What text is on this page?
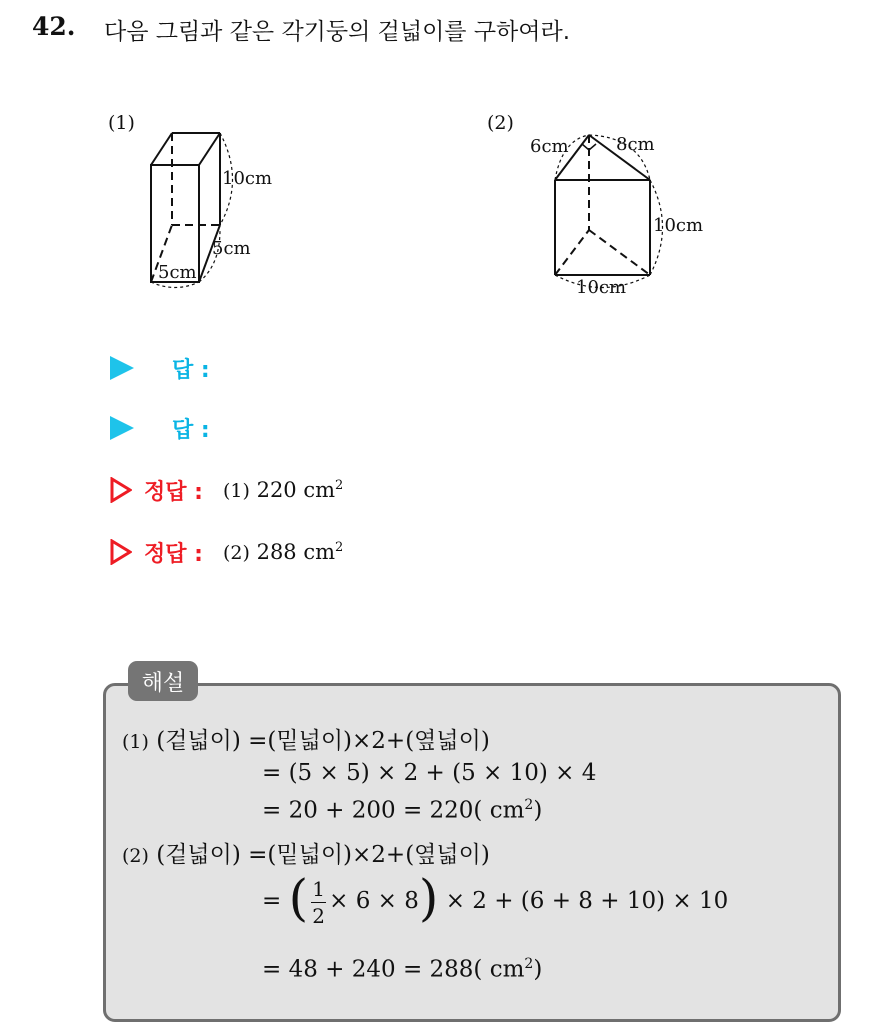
42. 다음 그림과 같은 각기둥의 겉넓이를 구하여라.
(1)
10cm
5cm
5cm
(2)
6cm	8cm
10cm
10cm
답 :
답 :
정답 : (1) 220 $cm^2$
정답 : (2) 288 $cm^2$
해설
(1) (겉넓이) =(밑넓이)×2+(옆넓이)
= (5 × 5) × 2 + (5 × 10) × 4
= 20 + 200 = 220( $cm^2$)
(2) (겉넓이) =(밑넓이)×2+(옆넓이)
= ( $\frac{1}{2} \times 6 \times 8) \times 2 + (6 + 8 + 10) \times 10$
= 48 + 240 = 288( $cm^2$)
